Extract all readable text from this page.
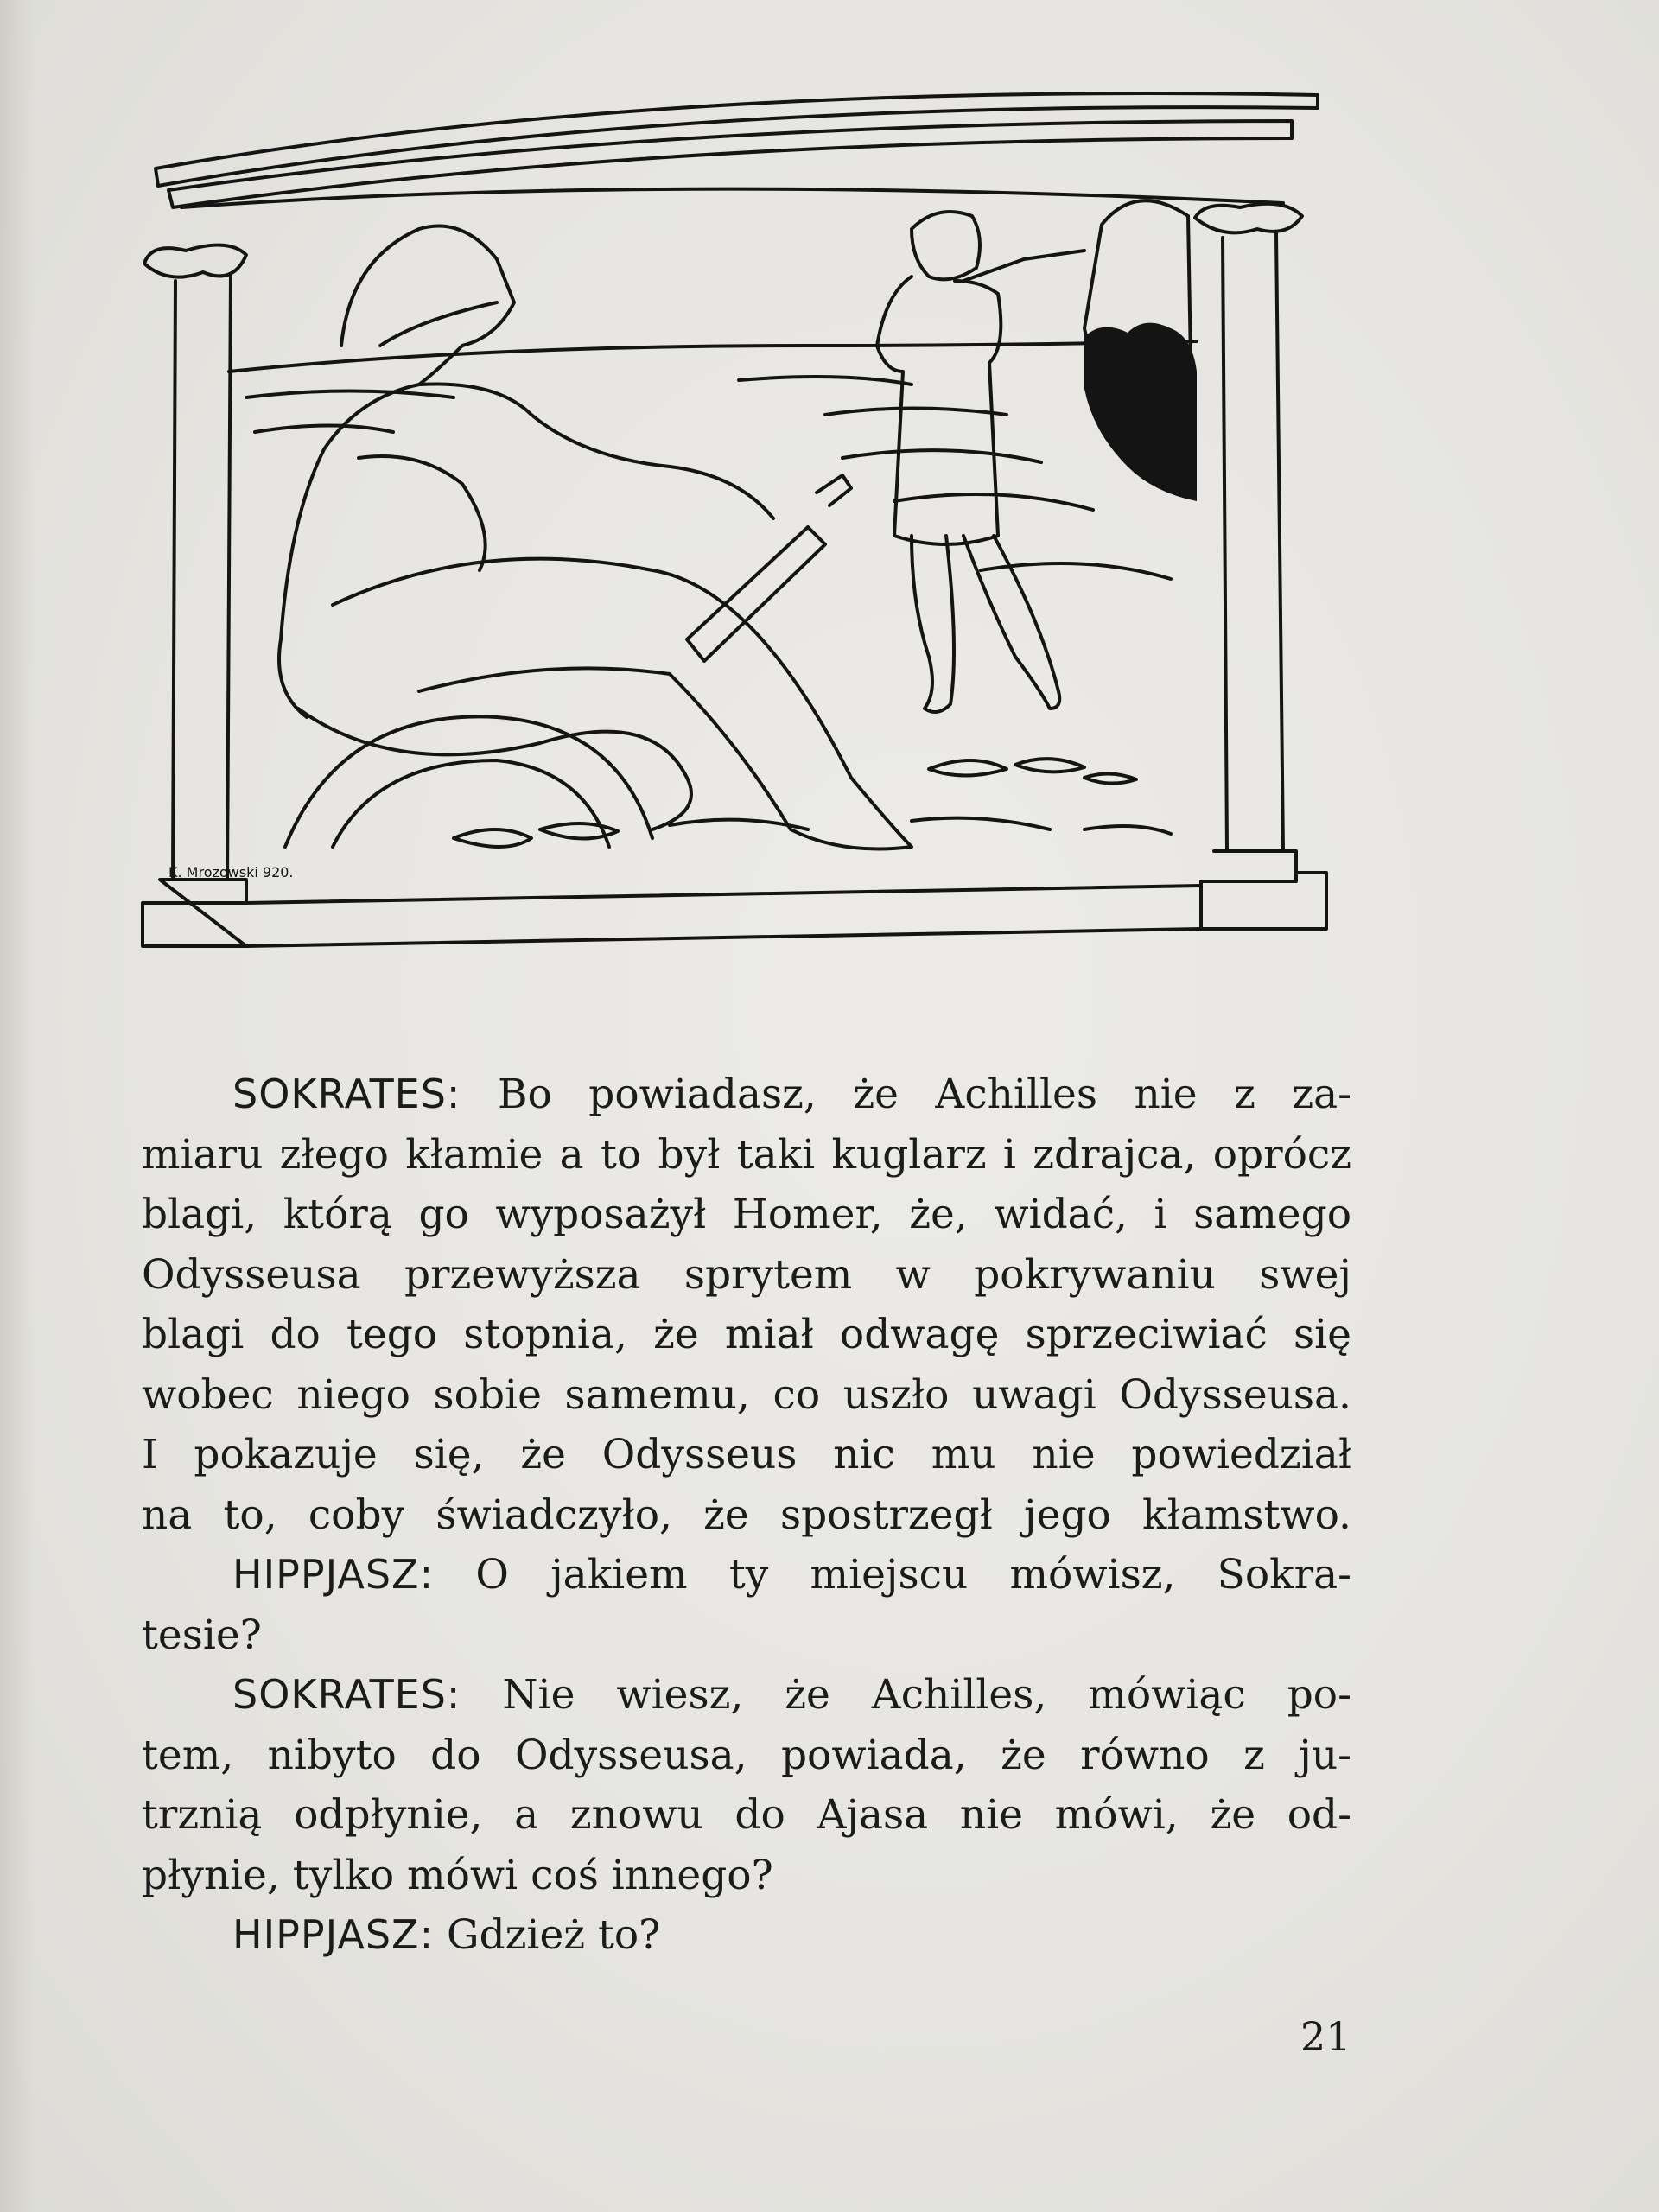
K. Mrozowski 920.
SOKRATES: Bo powiadasz, że Achilles nie z za-
miaru złego kłamie a to był taki kuglarz i zdrajca, oprócz
blagi, którą go wyposażył Homer, że, widać, i samego
Odysseusa przewyższa sprytem w pokrywaniu swej
blagi do tego stopnia, że miał odwagę sprzeciwiać się
wobec niego sobie samemu, co uszło uwagi Odysseusa.
I pokazuje się, że Odysseus nic mu nie powiedział
na to, coby świadczyło, że spostrzegł jego kłamstwo.
HIPPJASZ: O jakiem ty miejscu mówisz, Sokra-
tesie?
SOKRATES: Nie wiesz, że Achilles, mówiąc po-
tem, nibyto do Odysseusa, powiada, że równo z ju-
trznią odpłynie, a znowu do Ajasa nie mówi, że od-
płynie, tylko mówi coś innego?
HIPPJASZ: Gdzież to?
21
